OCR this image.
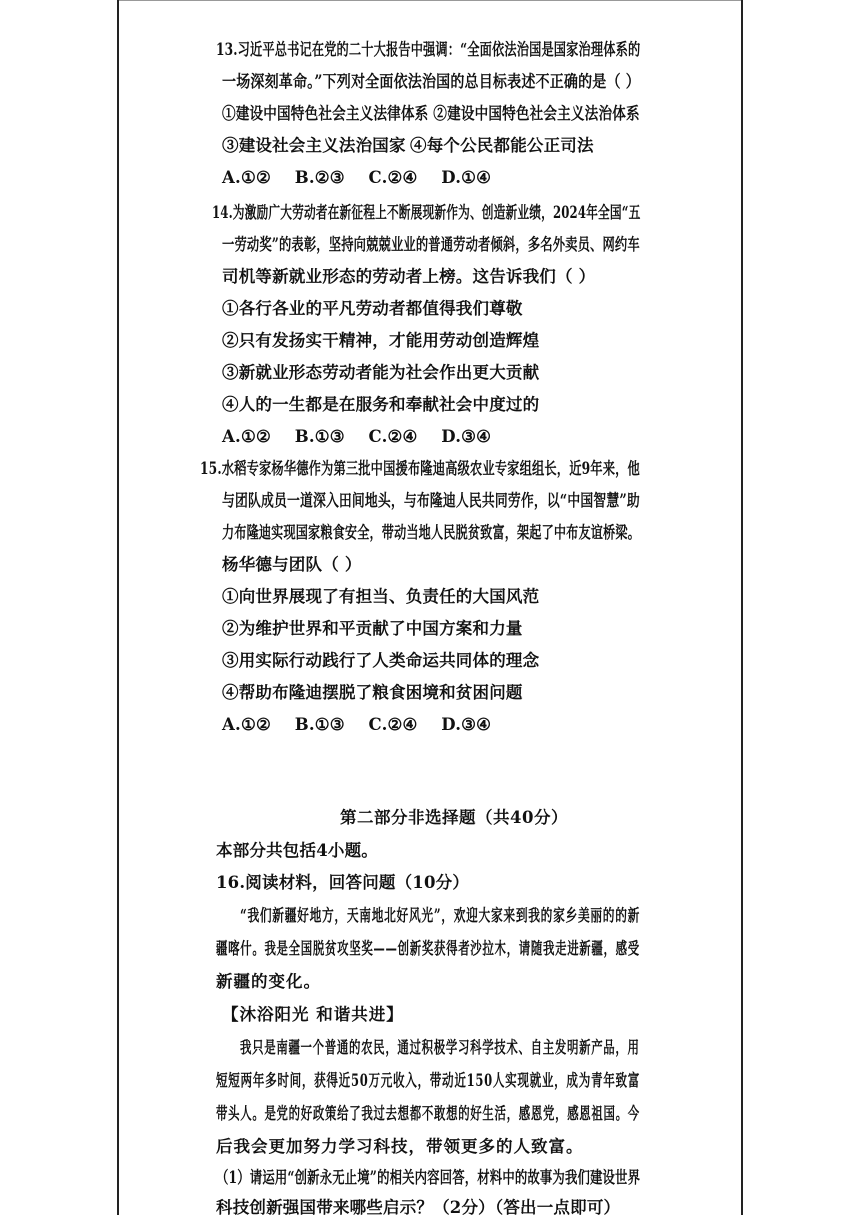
13.习近平总书记在党的二十大报告中强调：“全面依法治国是国家治理体系的
一场深刻革命。”下列对全面依法治国的总目标表述不正确的是（ ）
①建设中国特色社会主义法律体系 ②建设中国特色社会主义法治体系
③建设社会主义法治国家 ④每个公民都能公正司法
A.①②    B.②③    C.②④    D.①④
14.为激励广大劳动者在新征程上不断展现新作为、创造新业绩，2024年全国“五
一劳动奖”的表彰，坚持向兢兢业业的普通劳动者倾斜，多名外卖员、网约车
司机等新就业形态的劳动者上榜。这告诉我们（ ）
①各行各业的平凡劳动者都值得我们尊敬
②只有发扬实干精神，才能用劳动创造辉煌
③新就业形态劳动者能为社会作出更大贡献
④人的一生都是在服务和奉献社会中度过的
A.①②    B.①③    C.②④    D.③④
15.水稻专家杨华德作为第三批中国援布隆迪高级农业专家组组长，近9年来，他
与团队成员一道深入田间地头，与布隆迪人民共同劳作，以“中国智慧”助
力布隆迪实现国家粮食安全，带动当地人民脱贫致富，架起了中布友谊桥梁。
杨华德与团队（ ）
①向世界展现了有担当、负责任的大国风范
②为维护世界和平贡献了中国方案和力量
③用实际行动践行了人类命运共同体的理念
④帮助布隆迪摆脱了粮食困境和贫困问题
A.①②    B.①③    C.②④    D.③④
第二部分非选择题（共40分）
本部分共包括4小题。
16.阅读材料，回答问题（10分）
“我们新疆好地方，天南地北好风光”，欢迎大家来到我的家乡美丽的的新
疆喀什。我是全国脱贫攻坚奖——创新奖获得者沙拉木，请随我走进新疆，感受
新疆的变化。
【沐浴阳光 和谐共进】
我只是南疆一个普通的农民，通过积极学习科学技术、自主发明新产品，用
短短两年多时间，获得近50万元收入，带动近150人实现就业，成为青年致富
带头人。是党的好政策给了我过去想都不敢想的好生活，感恩党，感恩祖国。今
后我会更加努力学习科技，带领更多的人致富。
（1）请运用“创新永无止境”的相关内容回答，材料中的故事为我们建设世界
科技创新强国带来哪些启示？（2分）（答出一点即可）
